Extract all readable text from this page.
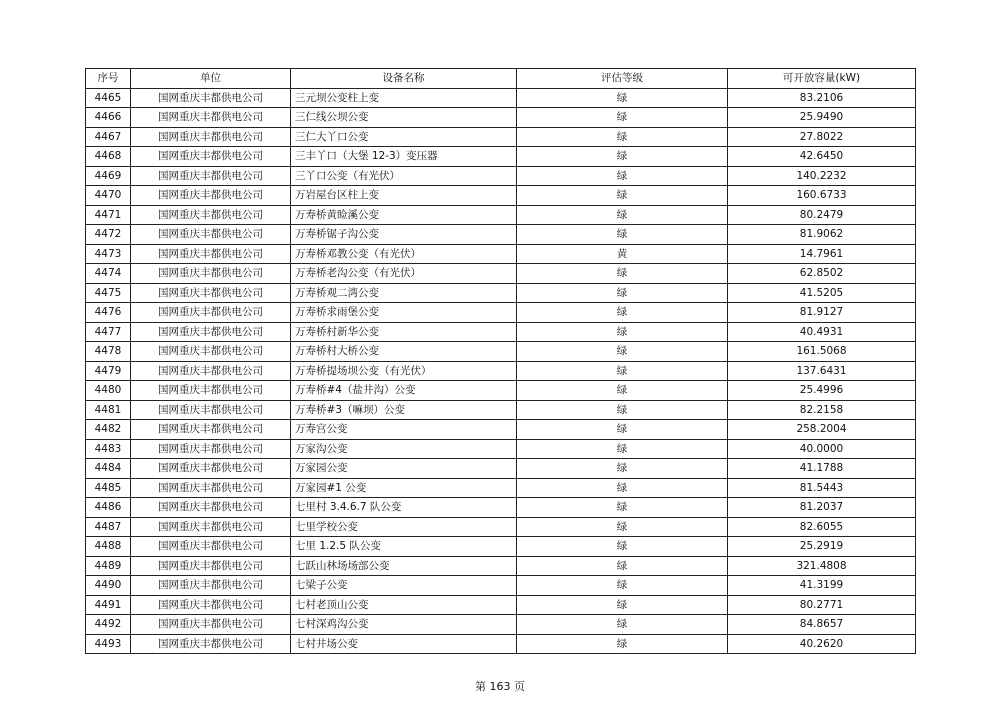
序号	单位	设备名称	评估等级	可开放容量(kW)
4465	国网重庆丰都供电公司	三元坝公变柱上变	绿	83.2106
4466	国网重庆丰都供电公司	三仁线公坝公变	绿	25.9490
4467	国网重庆丰都供电公司	三仁大丫口公变	绿	27.8022
4468	国网重庆丰都供电公司	三丰丫口（大堡 12-3）变压器	绿	42.6450
4469	国网重庆丰都供电公司	三丫口公变（有光伏）	绿	140.2232
4470	国网重庆丰都供电公司	万岩屋台区柱上变	绿	160.6733
4471	国网重庆丰都供电公司	万寿桥黄睑溪公变	绿	80.2479
4472	国网重庆丰都供电公司	万寿桥锯子沟公变	绿	81.9062
4473	国网重庆丰都供电公司	万寿桥邓教公变（有光伏）	黄	14.7961
4474	国网重庆丰都供电公司	万寿桥老沟公变（有光伏）	绿	62.8502
4475	国网重庆丰都供电公司	万寿桥观二湾公变	绿	41.5205
4476	国网重庆丰都供电公司	万寿桥求雨堡公变	绿	81.9127
4477	国网重庆丰都供电公司	万寿桥村新华公变	绿	40.4931
4478	国网重庆丰都供电公司	万寿桥村大桥公变	绿	161.5068
4479	国网重庆丰都供电公司	万寿桥提场坝公变（有光伏）	绿	137.6431
4480	国网重庆丰都供电公司	万寿桥#4（盐井沟）公变	绿	25.4996
4481	国网重庆丰都供电公司	万寿桥#3（嘛坝）公变	绿	82.2158
4482	国网重庆丰都供电公司	万寿宫公变	绿	258.2004
4483	国网重庆丰都供电公司	万家沟公变	绿	40.0000
4484	国网重庆丰都供电公司	万家园公变	绿	41.1788
4485	国网重庆丰都供电公司	万家园#1 公变	绿	81.5443
4486	国网重庆丰都供电公司	七里村 3.4.6.7 队公变	绿	81.2037
4487	国网重庆丰都供电公司	七里学校公变	绿	82.6055
4488	国网重庆丰都供电公司	七里 1.2.5 队公变	绿	25.2919
4489	国网重庆丰都供电公司	七跃山林场场部公变	绿	321.4808
4490	国网重庆丰都供电公司	七梁子公变	绿	41.3199
4491	国网重庆丰都供电公司	七村老顶山公变	绿	80.2771
4492	国网重庆丰都供电公司	七村深鸡沟公变	绿	84.8657
4493	国网重庆丰都供电公司	七村井场公变	绿	40.2620
第 163 页
